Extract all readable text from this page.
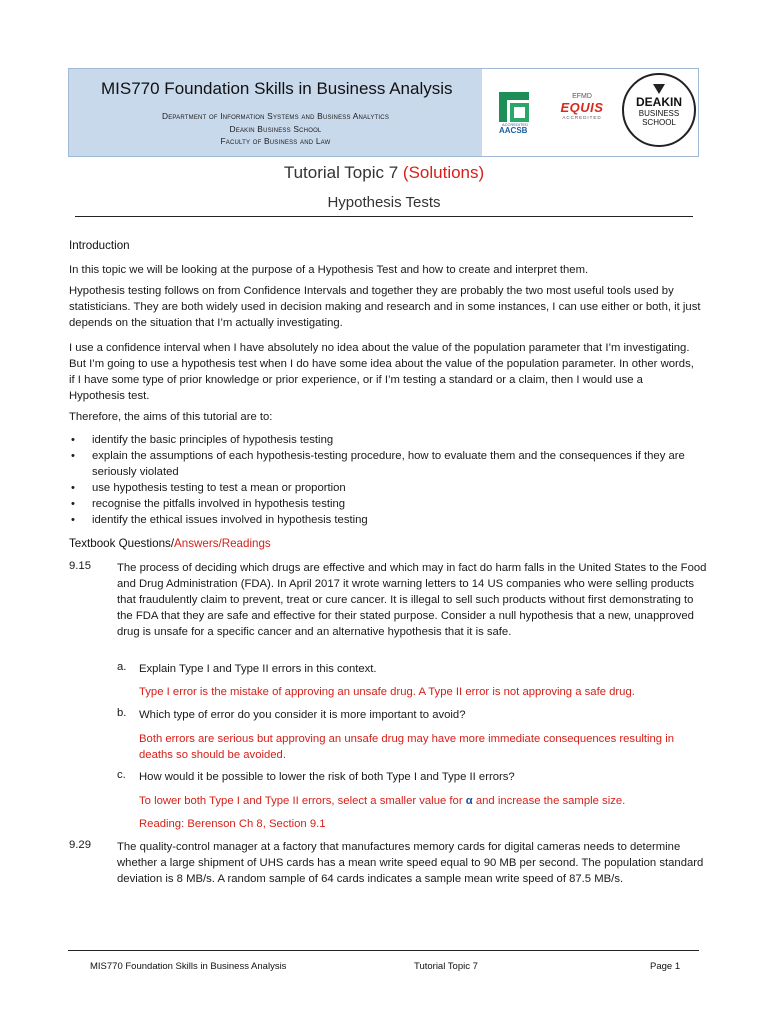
MIS770 Foundation Skills in Business Analysis
Department of Information Systems and Business Analytics
Deakin Business School
Faculty of Business and Law
AACSB
ACCREDITED
EFMD
EQUIS
ACCREDITED
DEAKIN
BUSINESS
SCHOOL
Tutorial Topic 7 (Solutions)
Hypothesis Tests
Introduction
In this topic we will be looking at the purpose of a Hypothesis Test and how to create and interpret them.
Hypothesis testing follows on from Confidence Intervals and together they are probably the two most useful tools used by statisticians. They are both widely used in decision making and research and in some instances, I can use either or both, it just depends on the situation that I’m actually investigating.
I use a confidence interval when I have absolutely no idea about the value of the population parameter that I’m investigating. But I’m going to use a hypothesis test when I do have some idea about the value of the population parameter. In other words, if I have some type of prior knowledge or prior experience, or if I’m testing a standard or a claim, then I would use a Hypothesis test.
Therefore, the aims of this tutorial are to:
• identify the basic principles of hypothesis testing
• explain the assumptions of each hypothesis-testing procedure, how to evaluate them and the consequences if they are seriously violated
• use hypothesis testing to test a mean or proportion
• recognise the pitfalls involved in hypothesis testing
• identify the ethical issues involved in hypothesis testing
Textbook Questions/Answers/Readings
9.15 The process of deciding which drugs are effective and which may in fact do harm falls in the United States to the Food and Drug Administration (FDA). In April 2017 it wrote warning letters to 14 US companies who were selling products that fraudulently claim to prevent, treat or cure cancer. It is illegal to sell such products without first demonstrating to the FDA that they are safe and effective for their stated purpose. Consider a null hypothesis that a new, unapproved drug is unsafe for a specific cancer and an alternative hypothesis that it is safe.
a. Explain Type I and Type II errors in this context.
Type I error is the mistake of approving an unsafe drug. A Type II error is not approving a safe drug.
b. Which type of error do you consider it is more important to avoid?
Both errors are serious but approving an unsafe drug may have more immediate consequences resulting in deaths so should be avoided.
c. How would it be possible to lower the risk of both Type I and Type II errors?
To lower both Type I and Type II errors, select a smaller value for α and increase the sample size.
Reading: Berenson Ch 8, Section 9.1
9.29 The quality-control manager at a factory that manufactures memory cards for digital cameras needs to determine whether a large shipment of UHS cards has a mean write speed equal to 90 MB per second. The population standard deviation is 8 MB/s. A random sample of 64 cards indicates a sample mean write speed of 87.5 MB/s.
MIS770 Foundation Skills in Business Analysis	Tutorial Topic 7	Page 1
